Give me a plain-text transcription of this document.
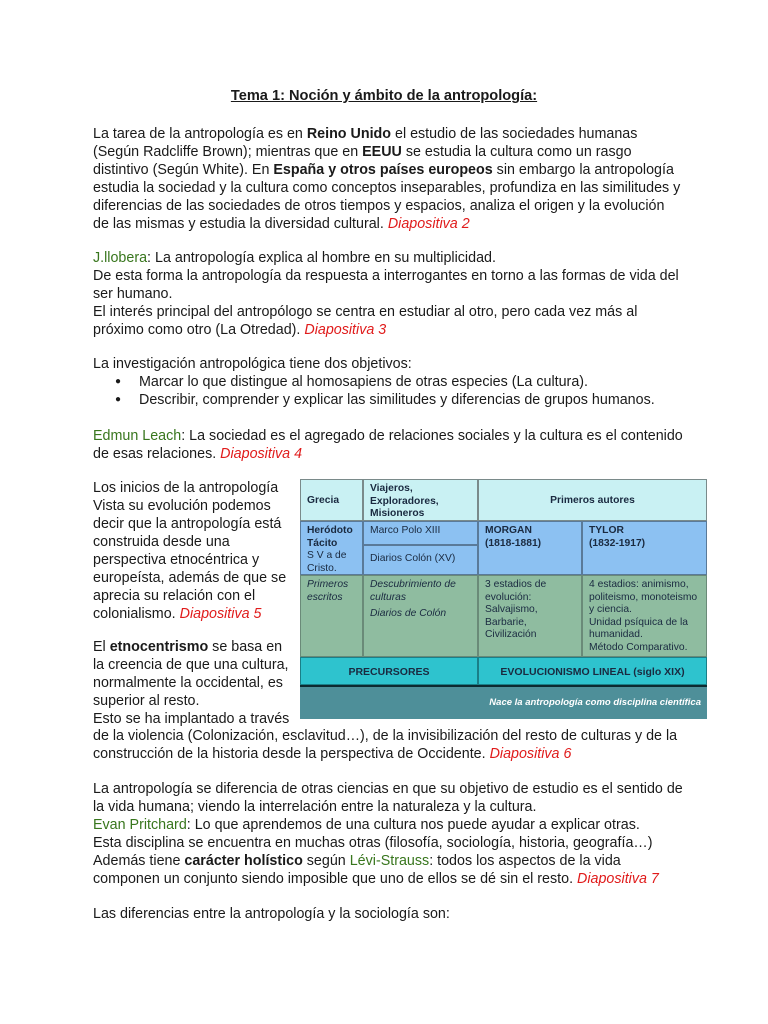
Tema 1: Noción y ámbito de la antropología:

La tarea de la antropología es en Reino Unido el estudio de las sociedades humanas (Según Radcliffe Brown); mientras que en EEUU se estudia la cultura como un rasgo distintivo (Según White). En España y otros países europeos sin embargo la antropología estudia la sociedad y la cultura como conceptos inseparables, profundiza en las similitudes y diferencias de las sociedades de otros tiempos y espacios, analiza el origen y la evolución de las mismas y estudia la diversidad cultural. Diapositiva 2

J.llobera: La antropología explica al hombre en su multiplicidad.

De esta forma la antropología da respuesta a interrogantes en torno a las formas de vida del ser humano.

El interés principal del antropólogo se centra en estudiar al otro, pero cada vez más al próximo como otro (La Otredad). Diapositiva 3

La investigación antropológica tiene dos objetivos:

● Marcar lo que distingue al homosapiens de otras especies (La cultura).
● Describir, comprender y explicar las similitudes y diferencias de grupos humanos.

Edmun Leach: La sociedad es el agregado de relaciones sociales y la cultura es el contenido de esas relaciones. Diapositiva 4

Los inicios de la antropología

Vista su evolución podemos

decir que la antropología está

construida desde una

perspectiva etnocéntrica y

europeísta, además de que se

aprecia su relación con el

colonialismo. Diapositiva 5

El etnocentrismo se basa en

la creencia de que una cultura,

normalmente la occidental, es

superior al resto.

Esto se ha implantado a través

de la violencia (Colonización, esclavitud…), de la invisibilización del resto de culturas y de la

construcción de la historia desde la perspectiva de Occidente. Diapositiva 6

La antropología se diferencia de otras ciencias en que su objetivo de estudio es el sentido de la vida humana; viendo la interrelación entre la naturaleza y la cultura.

Evan Pritchard: Lo que aprendemos de una cultura nos puede ayudar a explicar otras.

Esta disciplina se encuentra en muchas otras (filosofía, sociología, historia, geografía…)

Además tiene carácter holístico según Lévi-Strauss: todos los aspectos de la vida componen un conjunto siendo imposible que uno de ellos se dé sin el resto. Diapositiva 7

Las diferencias entre la antropología y la sociología son:

Grecia
Viajeros,
Exploradores,
Misioneros
Primeros autores
Heródoto
Tácito
S V a de
Cristo.
Marco Polo XIII
Diarios Colón (XV)
MORGAN
(1818-1881)
TYLOR
(1832-1917)
Primeros
escritos
Descubrimiento de
culturas
Diarios de Colón
3 estadios de
evolución:
Salvajismo,
Barbarie,
Civilización
4 estadios: animismo,
politeismo, monoteismo
y ciencia.
Unidad psíquica de la
humanidad.
Método Comparativo.
PRECURSORES	EVOLUCIONISMO LINEAL (siglo XIX)
Nace la antropología como disciplina científica
